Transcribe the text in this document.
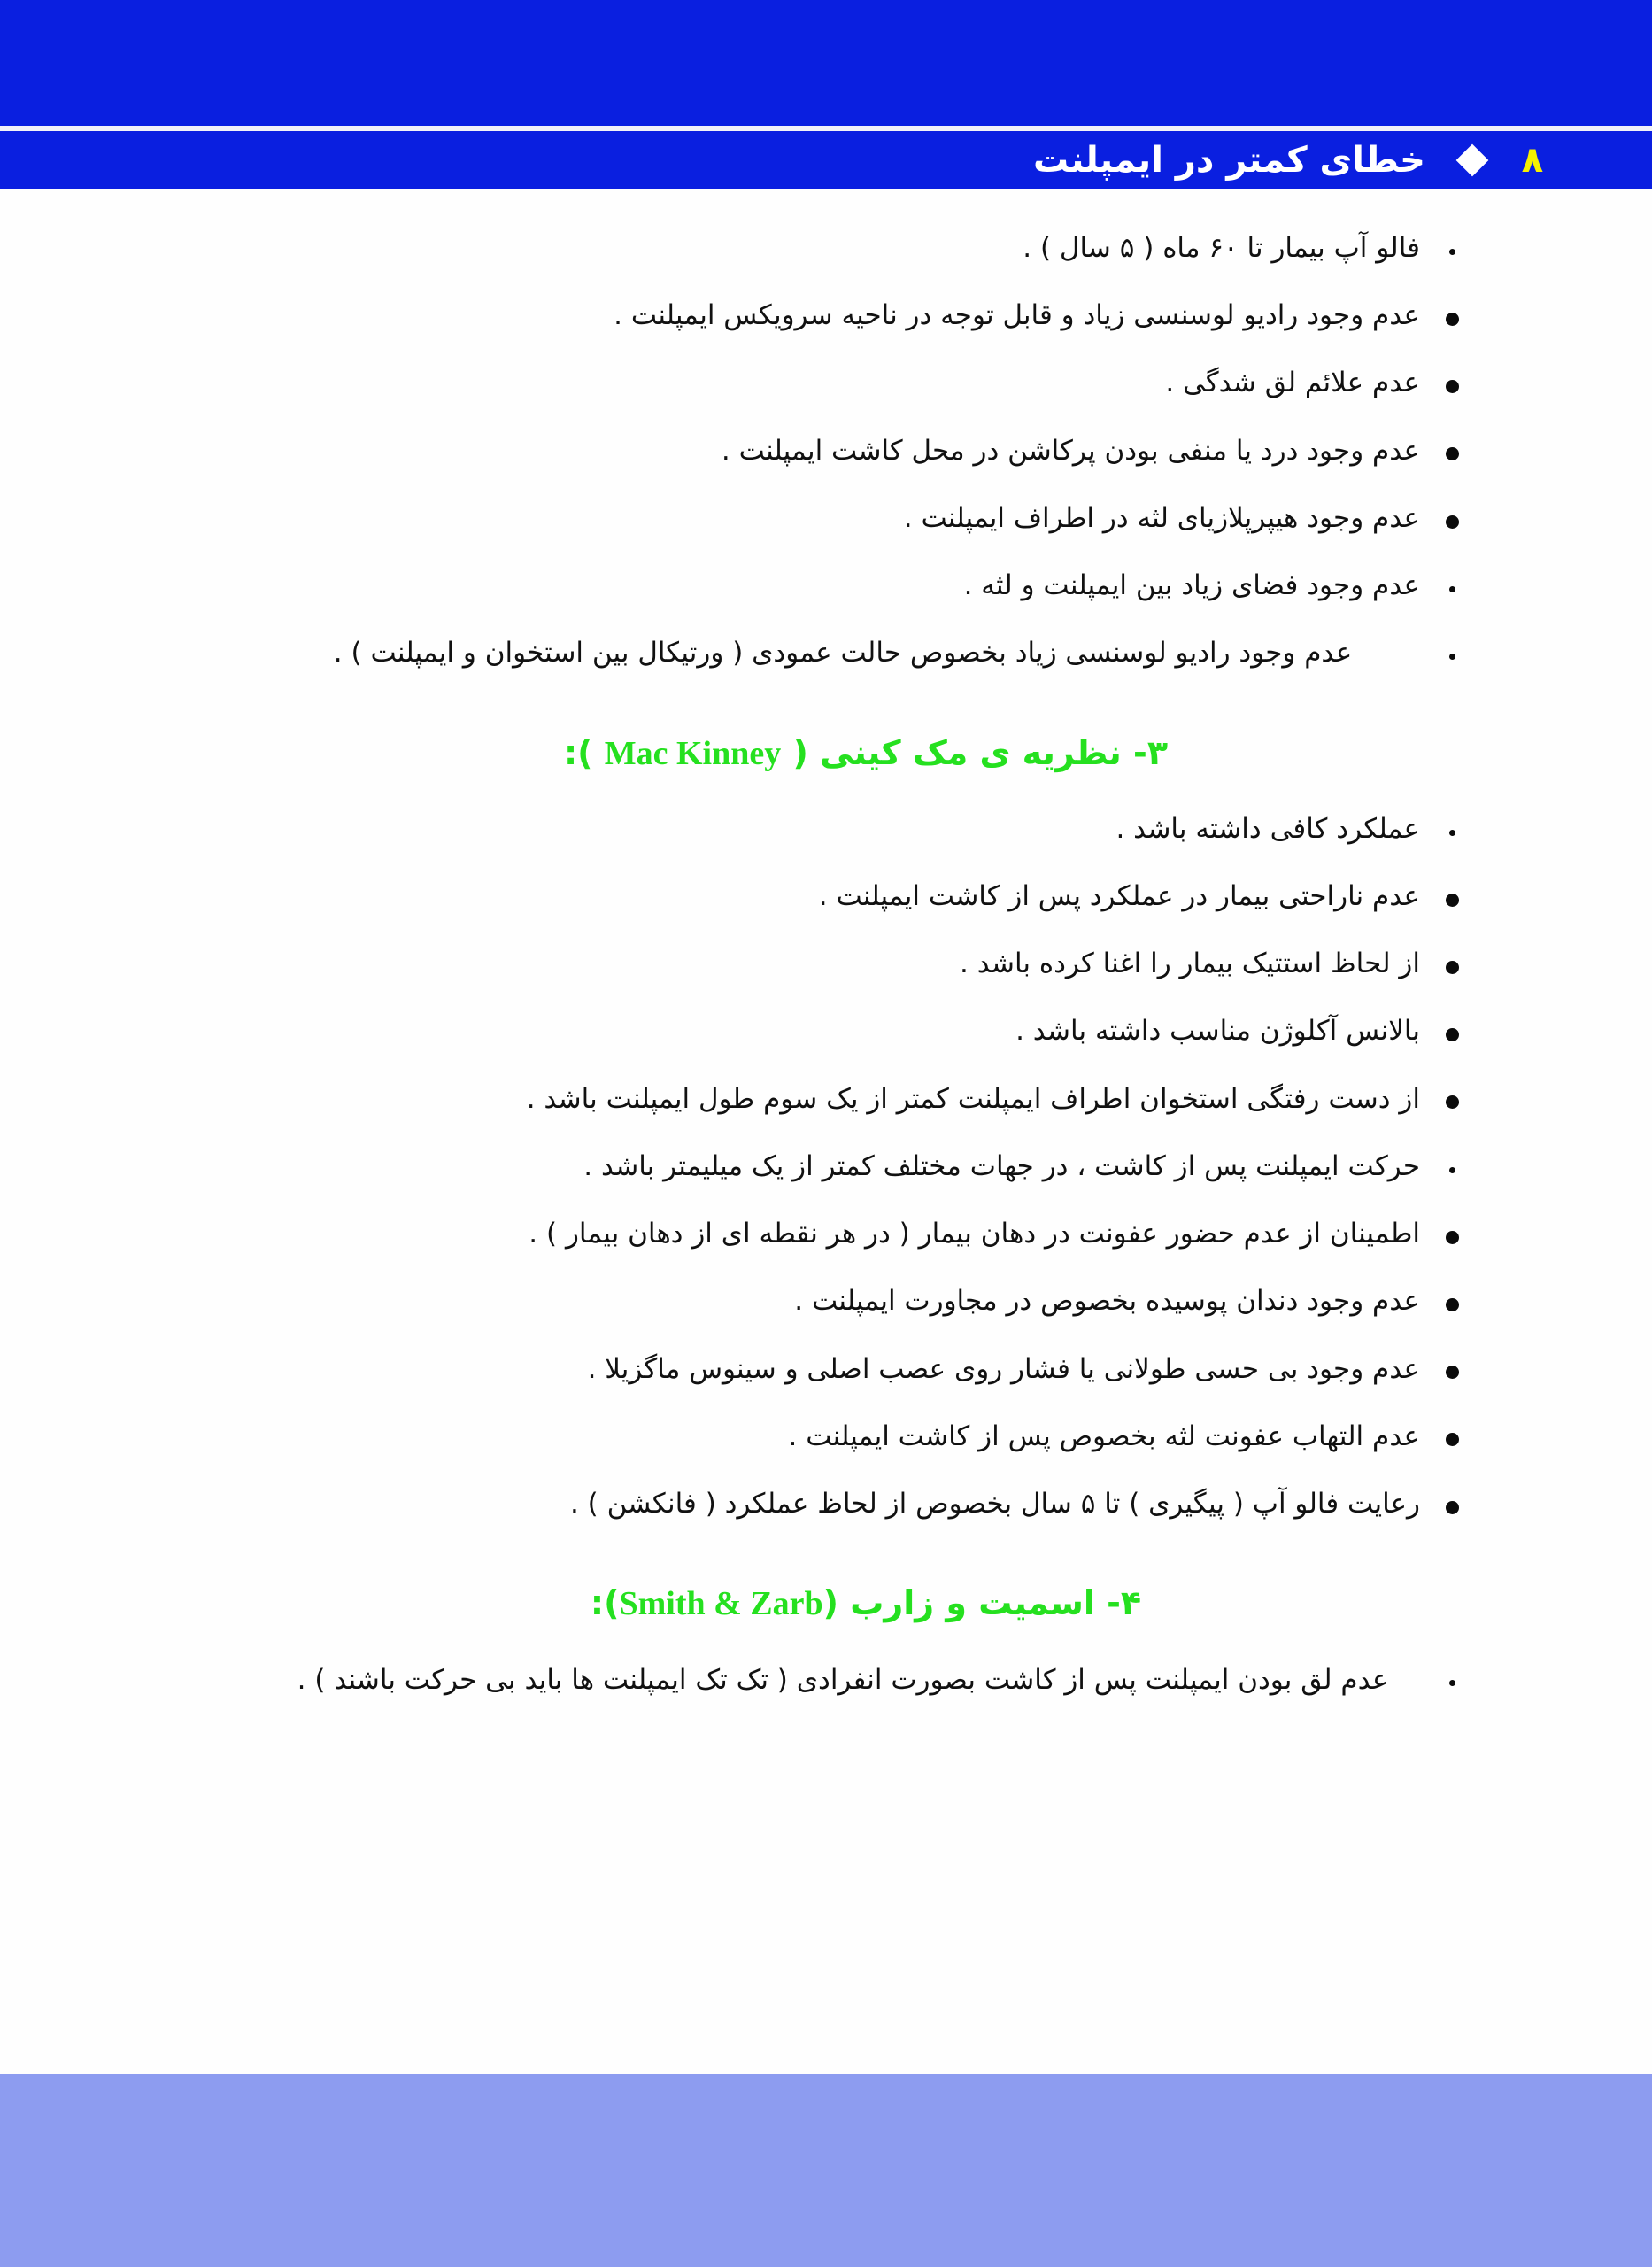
۸
خطای کمتر در ایمپلنت
فالو آپ بیمار تا ۶۰ ماه ( ۵ سال ) .
عدم وجود رادیو لوسنسی زیاد و قابل توجه در ناحیه سرویکس ایمپلنت .
عدم علائم لق شدگی .
عدم وجود درد یا منفی بودن پرکاشن در محل کاشت ایمپلنت .
عدم وجود هیپرپلازیای لثه در اطراف ایمپلنت .
عدم وجود فضای زیاد بین ایمپلنت و لثه .
عدم وجود رادیو لوسنسی زیاد بخصوص حالت عمودی ( ورتیکال بین استخوان و ایمپلنت ) .
۳- نظریه ی مک کینی ( Mac Kinney ):
عملکرد کافی داشته باشد .
عدم ناراحتی بیمار در عملکرد پس از کاشت ایمپلنت .
از لحاظ استتیک بیمار را اغنا کرده باشد .
بالانس آکلوژن مناسب داشته باشد .
از دست رفتگی استخوان اطراف ایمپلنت کمتر از یک سوم طول ایمپلنت باشد .
حرکت ایمپلنت پس از کاشت ، در جهات مختلف کمتر از یک میلیمتر باشد .
اطمینان از عدم حضور عفونت در دهان بیمار ( در هر نقطه ای از دهان بیمار ) .
عدم وجود دندان پوسیده بخصوص در مجاورت ایمپلنت .
عدم وجود بی حسی طولانی یا فشار روی عصب اصلی و سینوس ماگزیلا .
عدم التهاب عفونت لثه بخصوص پس از کاشت ایمپلنت .
رعایت فالو آپ ( پیگیری ) تا ۵ سال بخصوص از لحاظ عملکرد ( فانکشن ) .
۴- اسمیت و زارب (Smith & Zarb):
عدم لق بودن ایمپلنت پس از کاشت بصورت انفرادی ( تک تک ایمپلنت ها باید بی حرکت باشند ) .
